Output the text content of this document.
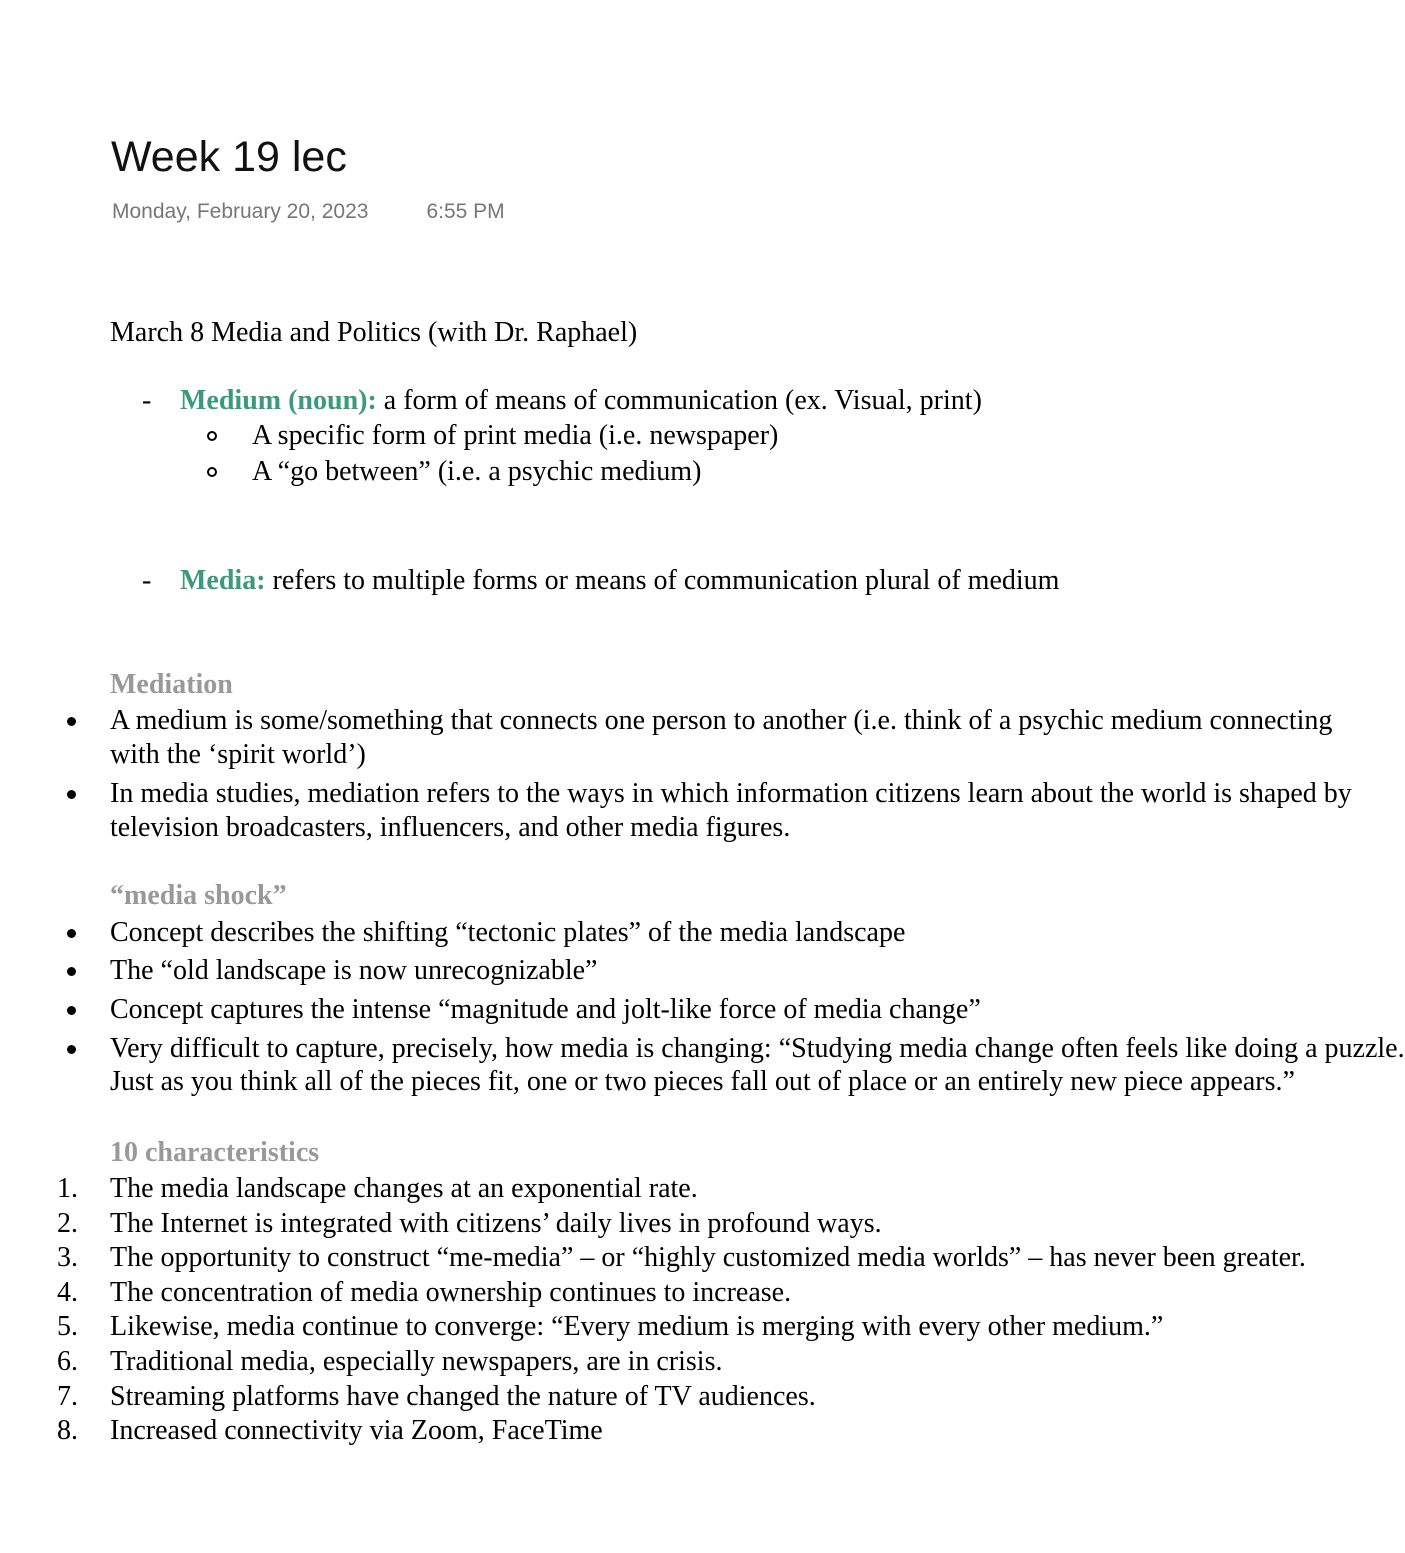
Week 19 lec
Monday, February 20, 2023	6:55 PM
March 8 Media and Politics (with Dr. Raphael)
- Medium (noun): a form of means of communication (ex. Visual, print)
A specific form of print media (i.e. newspaper)
A “go between” (i.e. a psychic medium)
- Media: refers to multiple forms or means of communication plural of medium
Mediation
A medium is some/something that connects one person to another (i.e. think of a psychic medium connecting
with the ‘spirit world’)
In media studies, mediation refers to the ways in which information citizens learn about the world is shaped by
television broadcasters, influencers, and other media figures.
“media shock”
Concept describes the shifting “tectonic plates” of the media landscape
The “old landscape is now unrecognizable”
Concept captures the intense “magnitude and jolt-like force of media change”
Very difficult to capture, precisely, how media is changing: “Studying media change often feels like doing a puzzle.
Just as you think all of the pieces fit, one or two pieces fall out of place or an entirely new piece appears.”
10 characteristics
1.	The media landscape changes at an exponential rate.
2.	The Internet is integrated with citizens’ daily lives in profound ways.
3.	The opportunity to construct “me-media” – or “highly customized media worlds” – has never been greater.
4.	The concentration of media ownership continues to increase.
5.	Likewise, media continue to converge: “Every medium is merging with every other medium.”
6.	Traditional media, especially newspapers, are in crisis.
7.	Streaming platforms have changed the nature of TV audiences.
8.	Increased connectivity via Zoom, FaceTime
